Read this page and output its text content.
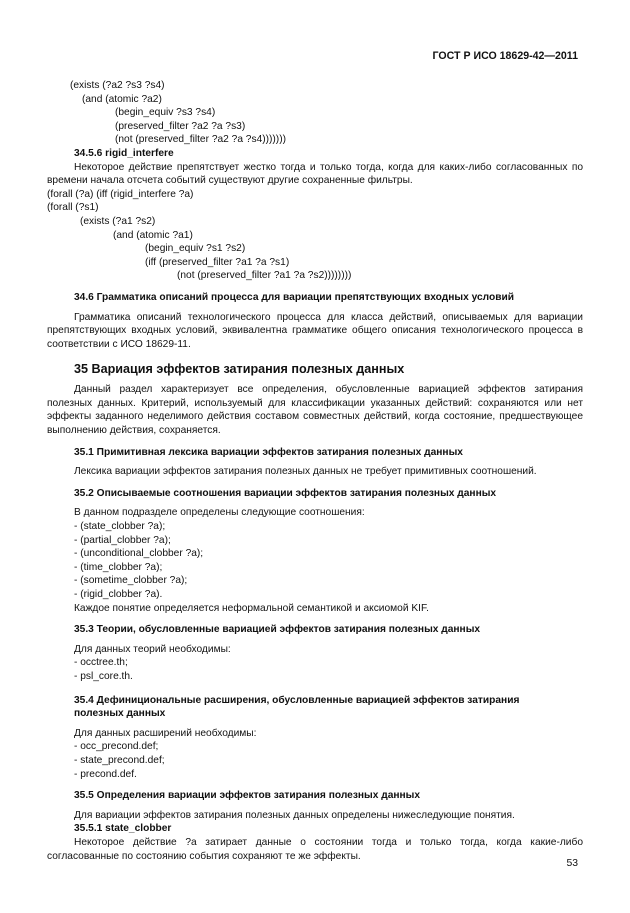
ГОСТ Р ИСО 18629-42—2011
(exists (?a2 ?s3 ?s4)
(and (atomic ?a2)
(begin_equiv ?s3 ?s4)
(preserved_filter ?a2 ?a ?s3)
(not (preserved_filter ?a2 ?a ?s4)))))))
34.5.6 rigid_interfere

Некоторое действие препятствует жестко тогда и только тогда, когда для каких-либо согласованных по времени начала отсчета событий существуют другие сохраненные фильтры.

(forall (?a) (iff (rigid_interfere ?a)
(forall (?s1)
(exists (?a1 ?s2)
(and (atomic ?a1)
(begin_equiv ?s1 ?s2)
(iff (preserved_filter ?a1 ?a ?s1)
(not (preserved_filter ?a1 ?a ?s2))))))))
34.6 Грамматика описаний процесса для вариации препятствующих входных условий

Грамматика описаний технологического процесса для класса действий, описываемых для вариации препятствующих входных условий, эквивалентна грамматике общего описания технологического процесса в соответствии с ИСО 18629-11.

35 Вариация эффектов затирания полезных данных

Данный раздел характеризует все определения, обусловленные вариацией эффектов затирания полезных данных. Критерий, используемый для классификации указанных действий: сохраняются или нет эффекты заданного неделимого действия составом совместных действий, когда состояние, предшествующее выполнению действия, сохраняется.

35.1 Примитивная лексика вариации эффектов затирания полезных данных

Лексика вариации эффектов затирания полезных данных не требует примитивных соотношений.

35.2 Описываемые соотношения вариации эффектов затирания полезных данных

В данном подразделе определены следующие соотношения:

- (state_clobber ?a);
- (partial_clobber ?a);
- (unconditional_clobber ?a);
- (time_clobber ?a);
- (sometime_clobber ?a);
- (rigid_clobber ?a).

Каждое понятие определяется неформальной семантикой и аксиомой KIF.

35.3 Теории, обусловленные вариацией эффектов затирания полезных данных

Для данных теорий необходимы:

- occtree.th;
- psl_core.th.
35.4 Дефинициональные расширения, обусловленные вариацией эффектов затирания
полезных данных

Для данных расширений необходимы:

- occ_precond.def;
- state_precond.def;
- precond.def.
35.5 Определения вариации эффектов затирания полезных данных

Для вариации эффектов затирания полезных данных определены нижеследующие понятия.

35.5.1 state_clobber

Некоторое действие ?a затирает данные о состоянии тогда и только тогда, когда какие-либо согласованные по состоянию события сохраняют те же эффекты.

53
